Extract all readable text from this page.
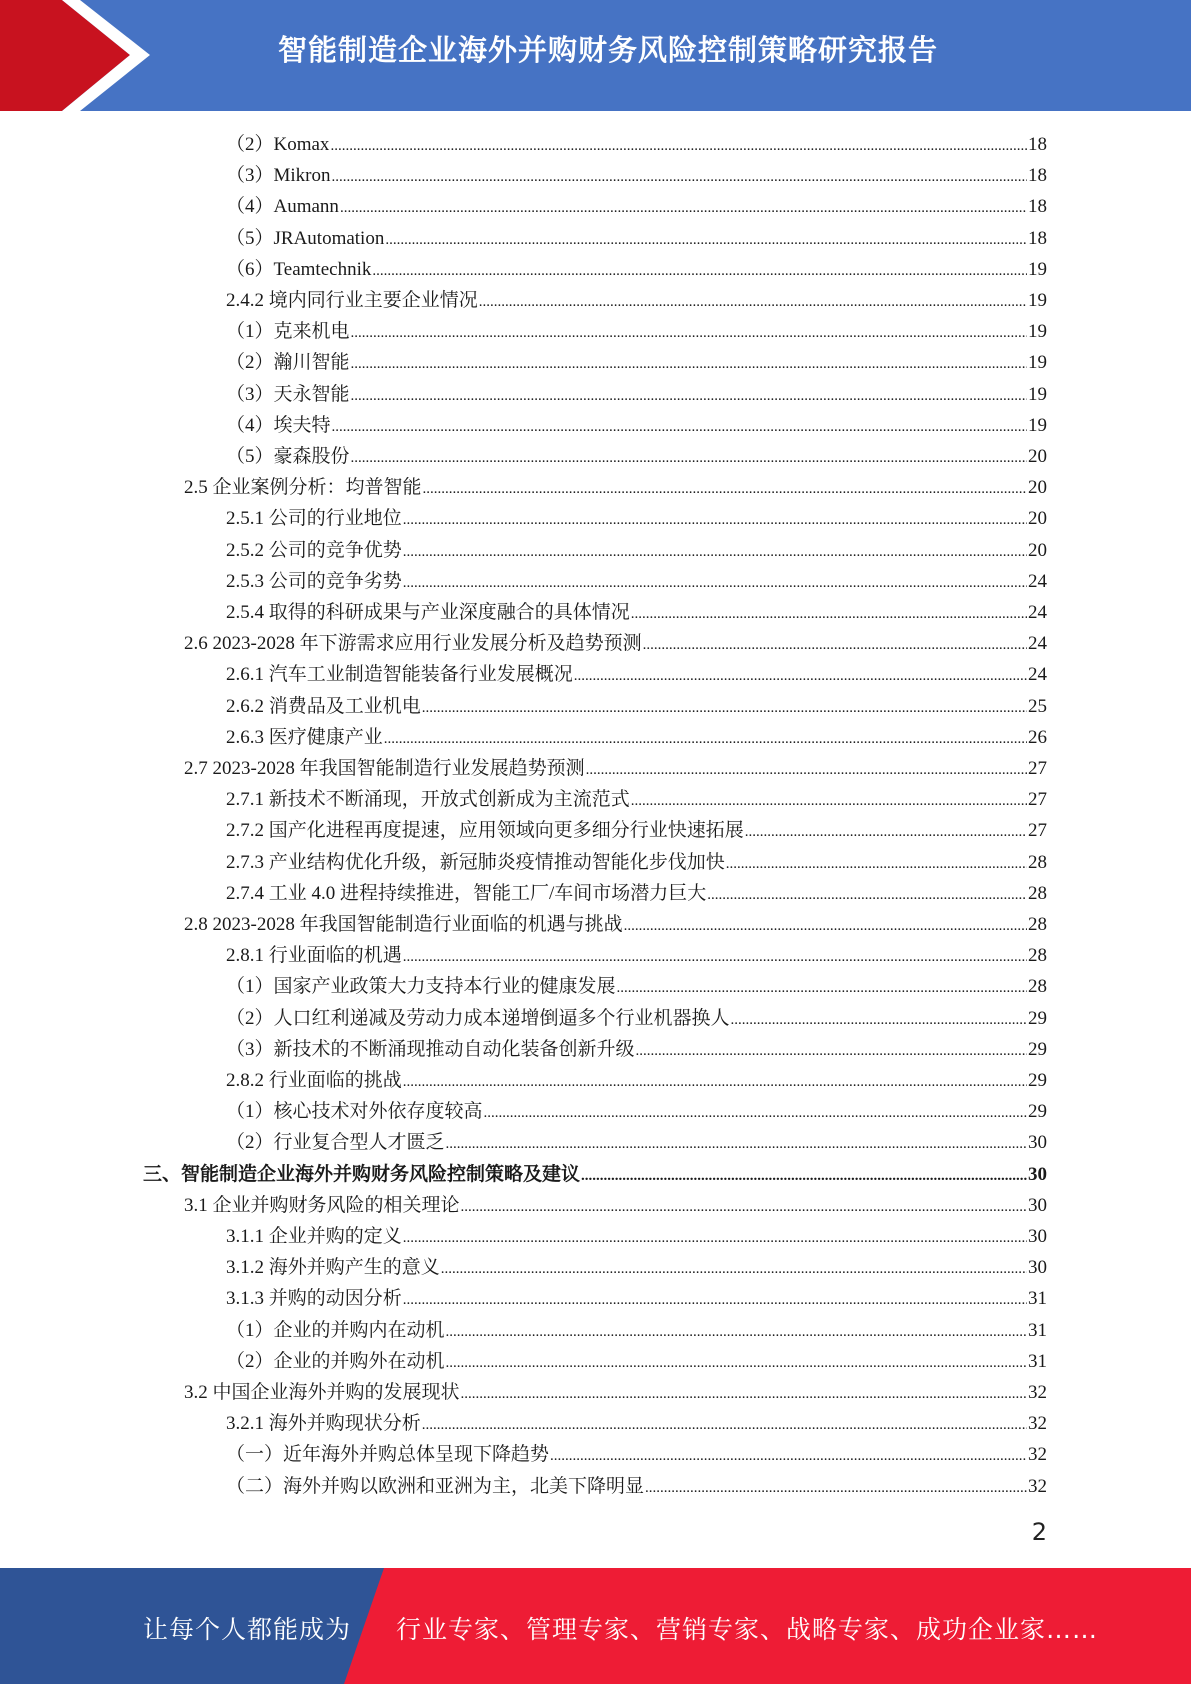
智能制造企业海外并购财务风险控制策略研究报告
（2）Komax .....	18
（3）Mikron .....	18
（4）Aumann .....	18
（5）JRAutomation .....	18
（6）Teamtechnik .....	19
2.4.2 境内同行业主要企业情况 .....	19
（1）克来机电 .....	19
（2）瀚川智能 .....	19
（3）天永智能 .....	19
（4）埃夫特 .....	19
（5）豪森股份 .....	20
2.5 企业案例分析：均普智能 .....	20
2.5.1 公司的行业地位 .....	20
2.5.2 公司的竞争优势 .....	20
2.5.3 公司的竞争劣势 .....	24
2.5.4 取得的科研成果与产业深度融合的具体情况 .....	24
2.6 2023-2028 年下游需求应用行业发展分析及趋势预测 .....	24
2.6.1 汽车工业制造智能装备行业发展概况 .....	24
2.6.2 消费品及工业机电 .....	25
2.6.3 医疗健康产业 .....	26
2.7 2023-2028 年我国智能制造行业发展趋势预测 .....	27
2.7.1 新技术不断涌现，开放式创新成为主流范式 .....	27
2.7.2 国产化进程再度提速，应用领域向更多细分行业快速拓展 .....	27
2.7.3 产业结构优化升级，新冠肺炎疫情推动智能化步伐加快 .....	28
2.7.4 工业 4.0 进程持续推进，智能工厂/车间市场潜力巨大 .....	28
2.8 2023-2028 年我国智能制造行业面临的机遇与挑战 .....	28
2.8.1 行业面临的机遇 .....	28
（1）国家产业政策大力支持本行业的健康发展 .....	28
（2）人口红利递减及劳动力成本递增倒逼多个行业机器换人 .....	29
（3）新技术的不断涌现推动自动化装备创新升级 .....	29
2.8.2 行业面临的挑战 .....	29
（1）核心技术对外依存度较高 .....	29
（2）行业复合型人才匮乏 .....	30
三、智能制造企业海外并购财务风险控制策略及建议 .....	30
3.1 企业并购财务风险的相关理论 .....	30
3.1.1 企业并购的定义 .....	30
3.1.2 海外并购产生的意义 .....	30
3.1.3 并购的动因分析 .....	31
（1）企业的并购内在动机 .....	31
（2）企业的并购外在动机 .....	31
3.2 中国企业海外并购的发展现状 .....	32
3.2.1 海外并购现状分析 .....	32
（一）近年海外并购总体呈现下降趋势 .....	32
（二）海外并购以欧洲和亚洲为主，北美下降明显 .....	32
2
让每个人都能成为 行业专家、管理专家、营销专家、战略专家、成功企业家……
